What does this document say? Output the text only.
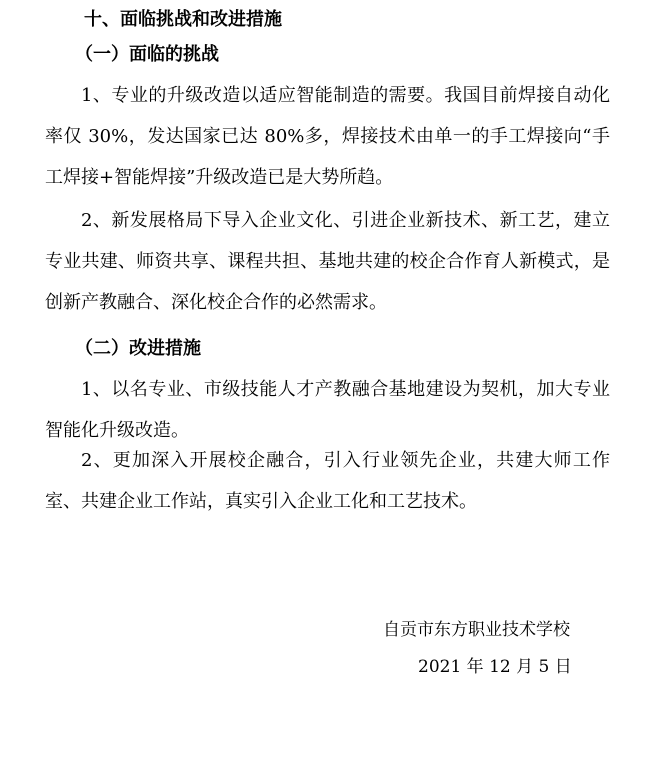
十、面临挑战和改进措施
（一）面临的挑战

1、专业的升级改造以适应智能制造的需要。我国目前焊接自动化率仅 30%，发达国家已达 80%多，焊接技术由单一的手工焊接向“手工焊接+智能焊接”升级改造已是大势所趋。

2、新发展格局下导入企业文化、引进企业新技术、新工艺，建立专业共建、师资共享、课程共担、基地共建的校企合作育人新模式，是创新产教融合、深化校企合作的必然需求。

（二）改进措施

1、以名专业、市级技能人才产教融合基地建设为契机，加大专业智能化升级改造。

2、更加深入开展校企融合，引入行业领先企业，共建大师工作室、共建企业工作站，真实引入企业工化和工艺技术。

自贡市东方职业技术学校
2021 年 12 月 5 日
